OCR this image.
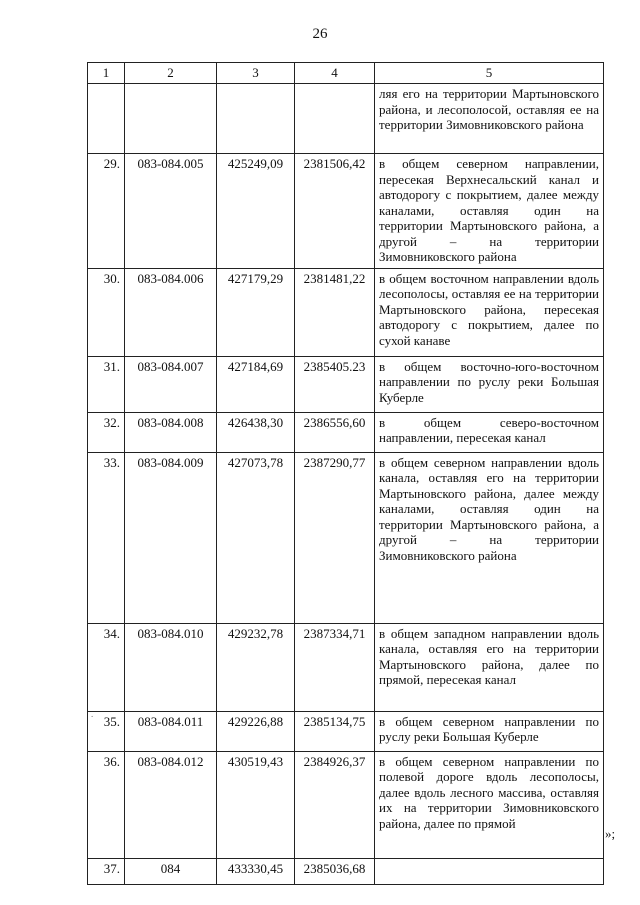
26
1	2	3	4	5
				ляя его на территории Мартыновского района, и лесополосой, оставляя ее на территории Зимовниковского района
29.	083-084.005	425249,09	2381506,42	в общем северном направлении, пересекая Верхнесальский канал и автодорогу с покрытием, далее между каналами, оставляя один на территории Мартыновского района, а другой – на территории Зимовниковского района
30.	083-084.006	427179,29	2381481,22	в общем восточном направлении вдоль лесополосы, оставляя ее на территории Мартыновского района, пересекая автодорогу с покрытием, далее по сухой канаве
31.	083-084.007	427184,69	2385405.23	в общем восточно-юго-восточном направлении по руслу реки Большая Куберле
32.	083-084.008	426438,30	2386556,60	в общем северо-восточном направлении, пересекая канал
33.	083-084.009	427073,78	2387290,77	в общем северном направлении вдоль канала, оставляя его на территории Мартыновского района, далее между каналами, оставляя один на территории Мартыновского района, а другой – на территории Зимовниковского района
34.	083-084.010	429232,78	2387334,71	в общем западном направлении вдоль канала, оставляя его на территории Мартыновского района, далее по прямой, пересекая канал
35.	083-084.011	429226,88	2385134,75	в общем северном направлении по руслу реки Большая Куберле
36.	083-084.012	430519,43	2384926,37	в общем северном направлении по полевой дороге вдоль лесополосы, далее вдоль лесного массива, оставляя их на территории Зимовниковского района, далее по прямой
37.	084	433330,45	2385036,68	
»;
.
